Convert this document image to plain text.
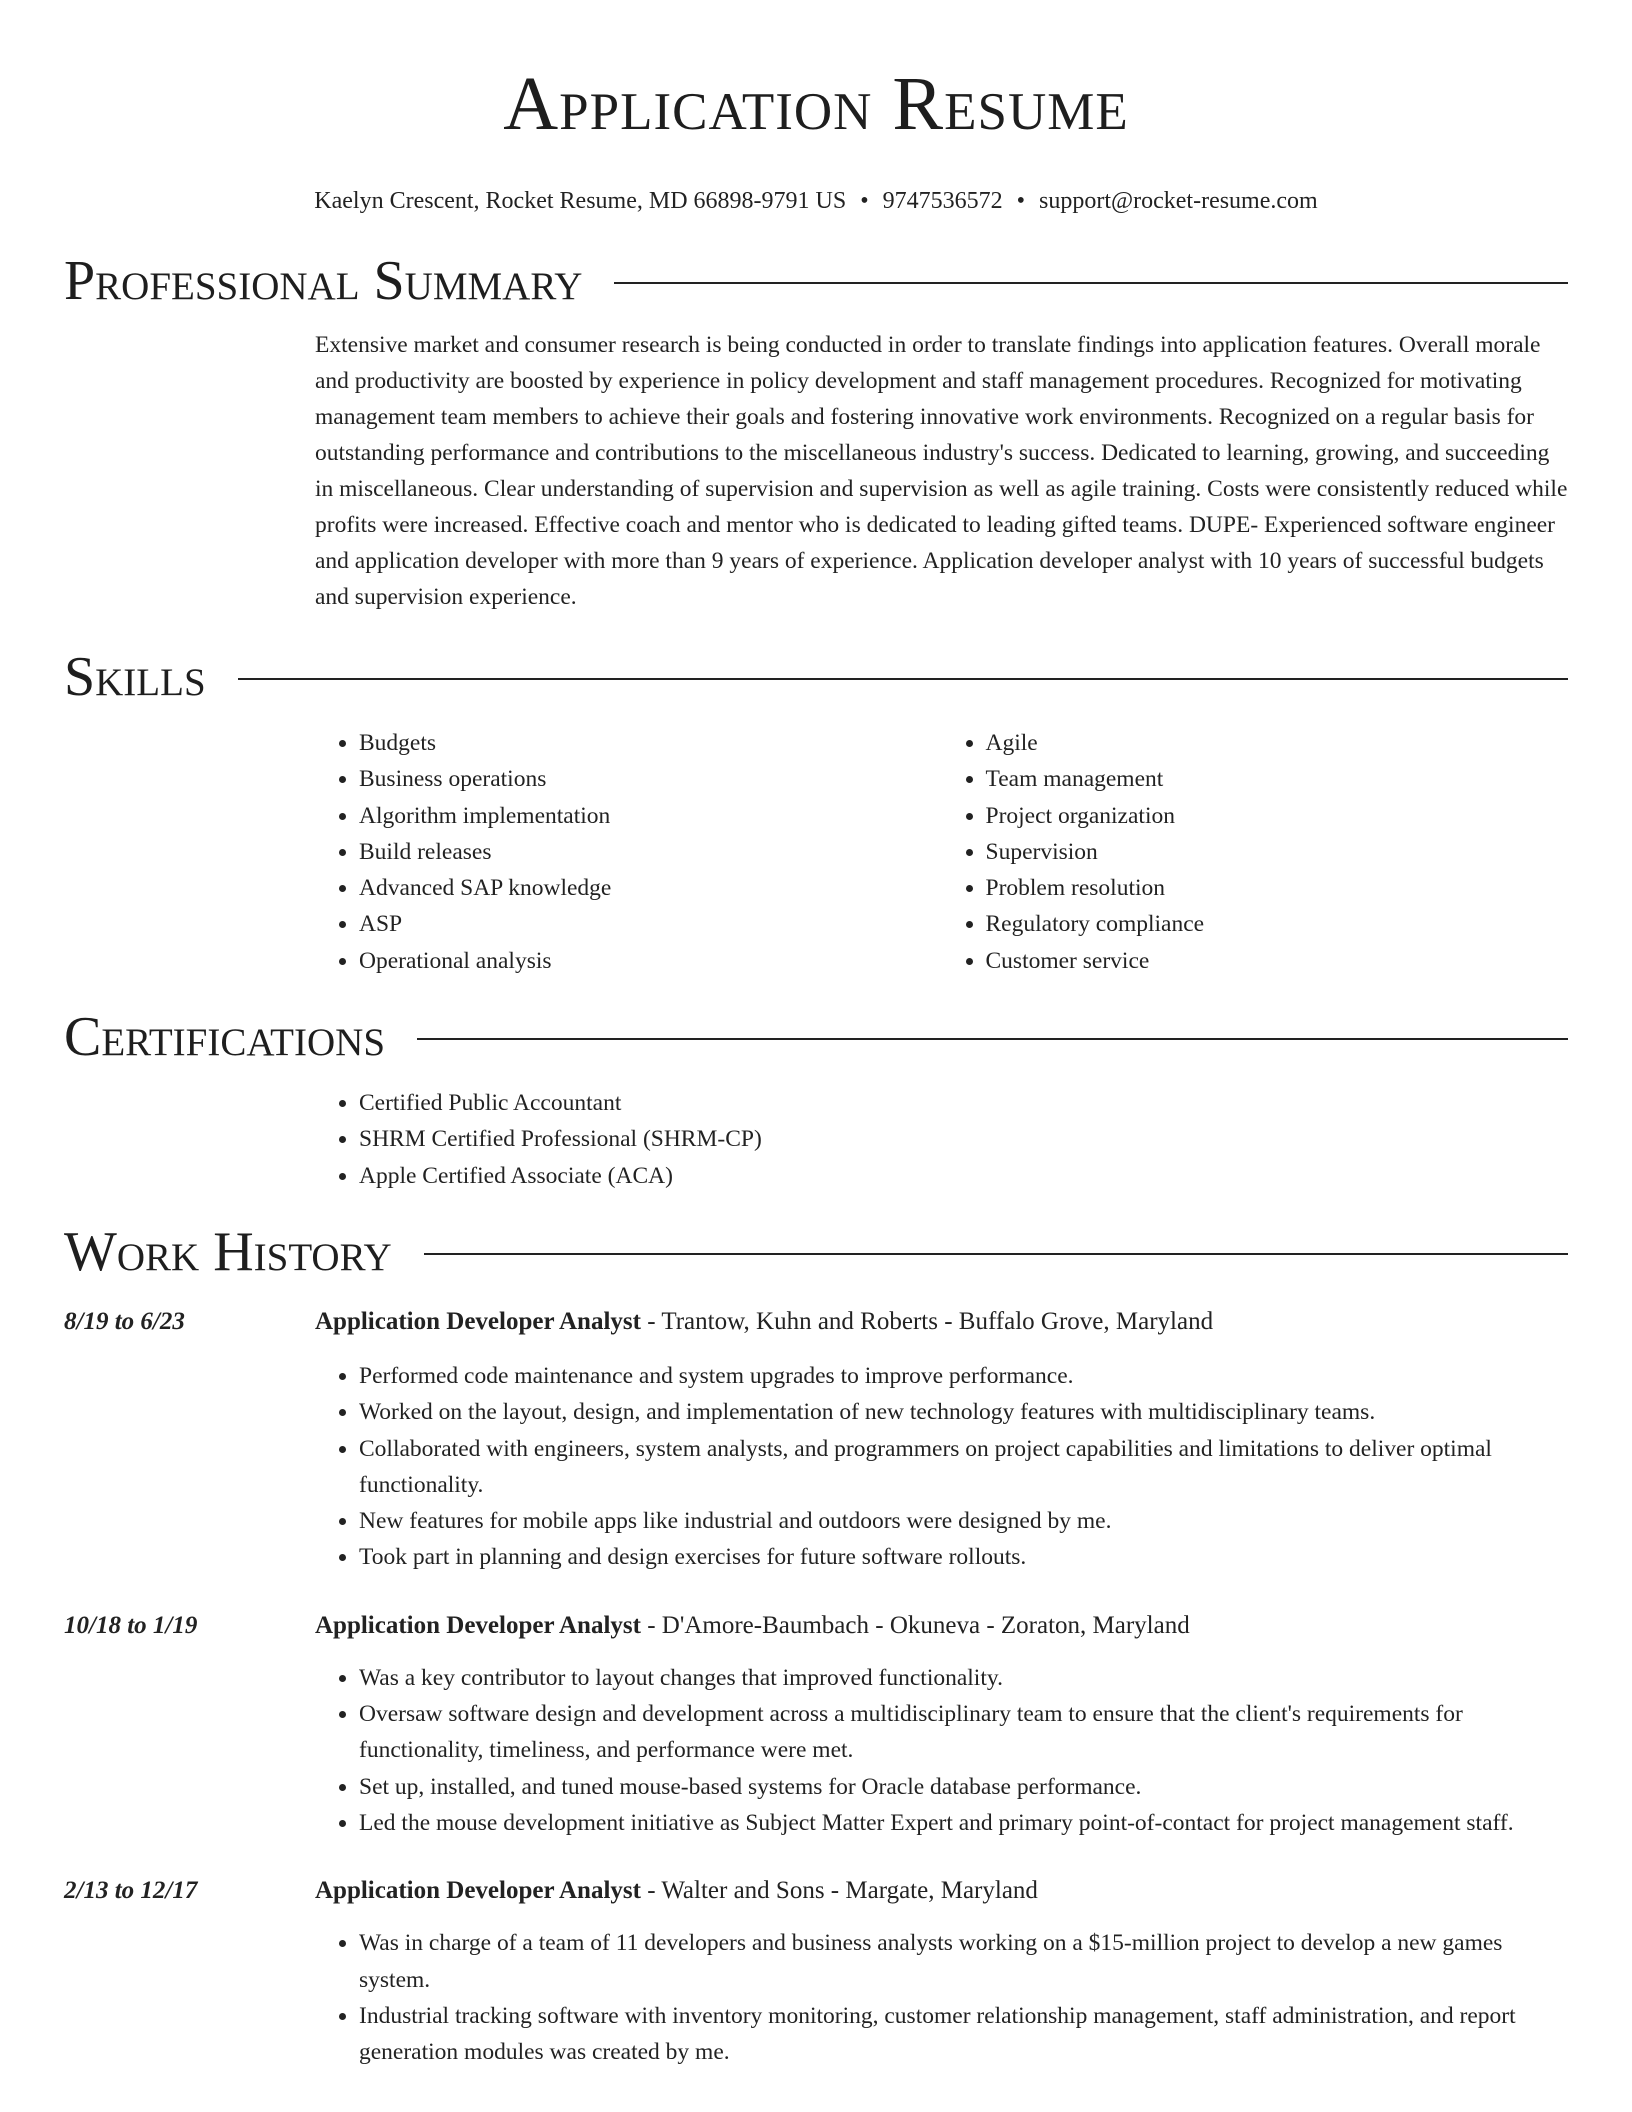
Application Resume
Kaelyn Crescent, Rocket Resume, MD 66898-9791 US • 9747536572 • support@rocket-resume.com
Professional Summary
Extensive market and consumer research is being conducted in order to translate findings into application features. Overall morale and productivity are boosted by experience in policy development and staff management procedures. Recognized for motivating management team members to achieve their goals and fostering innovative work environments. Recognized on a regular basis for outstanding performance and contributions to the miscellaneous industry's success. Dedicated to learning, growing, and succeeding in miscellaneous. Clear understanding of supervision and supervision as well as agile training. Costs were consistently reduced while profits were increased. Effective coach and mentor who is dedicated to leading gifted teams. DUPE- Experienced software engineer and application developer with more than 9 years of experience. Application developer analyst with 10 years of successful budgets and supervision experience.
Skills
• Budgets
• Business operations
• Algorithm implementation
• Build releases
• Advanced SAP knowledge
• ASP
• Operational analysis
• Agile
• Team management
• Project organization
• Supervision
• Problem resolution
• Regulatory compliance
• Customer service
Certifications
• Certified Public Accountant
• SHRM Certified Professional (SHRM-CP)
• Apple Certified Associate (ACA)
Work History
8/19 to 6/23	Application Developer Analyst - Trantow, Kuhn and Roberts - Buffalo Grove, Maryland
• Performed code maintenance and system upgrades to improve performance.
• Worked on the layout, design, and implementation of new technology features with multidisciplinary teams.
• Collaborated with engineers, system analysts, and programmers on project capabilities and limitations to deliver optimal functionality.
• New features for mobile apps like industrial and outdoors were designed by me.
• Took part in planning and design exercises for future software rollouts.
10/18 to 1/19	Application Developer Analyst - D'Amore-Baumbach - Okuneva - Zoraton, Maryland
• Was a key contributor to layout changes that improved functionality.
• Oversaw software design and development across a multidisciplinary team to ensure that the client's requirements for functionality, timeliness, and performance were met.
• Set up, installed, and tuned mouse-based systems for Oracle database performance.
• Led the mouse development initiative as Subject Matter Expert and primary point-of-contact for project management staff.
2/13 to 12/17	Application Developer Analyst - Walter and Sons - Margate, Maryland
• Was in charge of a team of 11 developers and business analysts working on a $15-million project to develop a new games system.
• Industrial tracking software with inventory monitoring, customer relationship management, staff administration, and report generation modules was created by me.
